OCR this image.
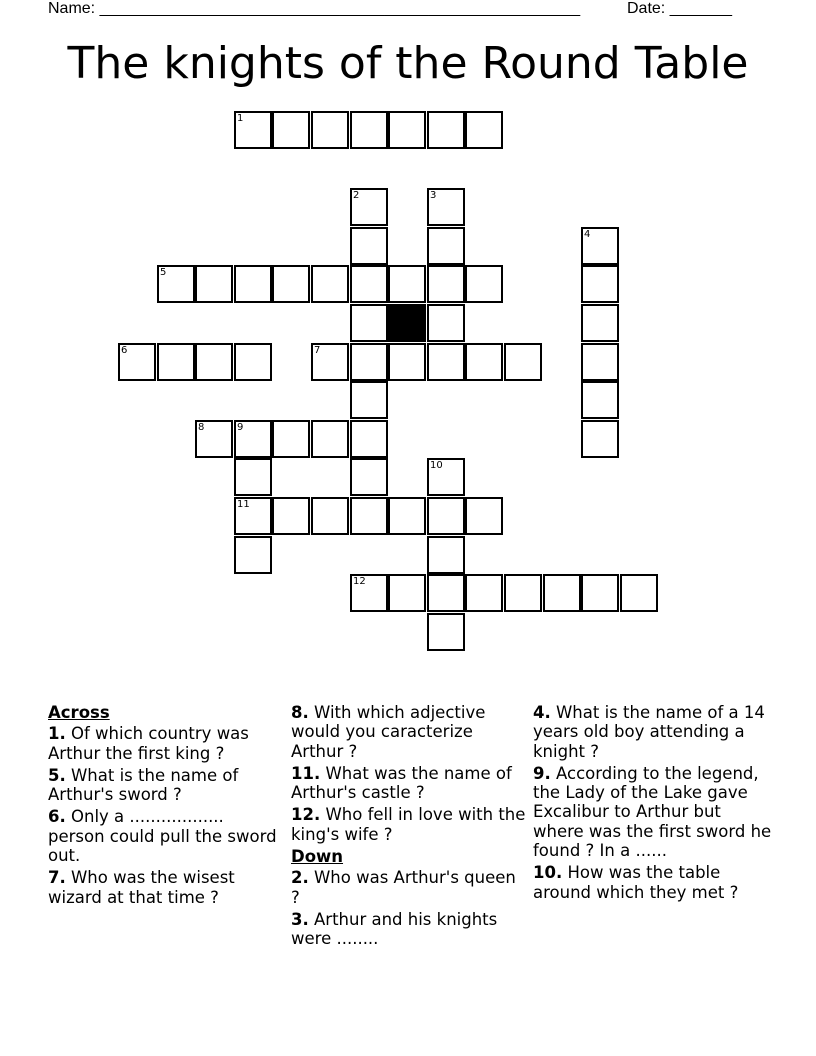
Name: ______________________________________________________	Date: _______
The knights of the Round Table
1
2	3
4
5
6	7
8	9
10
11
12
Across
1. Of which country was Arthur the first king ?
5. What is the name of Arthur's sword ?
6. Only a .................. person could pull the sword out.
7. Who was the wisest wizard at that time ?
8. With which adjective would you caracterize Arthur ?
11. What was the name of Arthur's castle ?
12. Who fell in love with the king's wife ?
Down
2. Who was Arthur's queen ?
3. Arthur and his knights were ........
4. What is the name of a 14 years old boy attending a knight ?
9. According to the legend, the Lady of the Lake gave Excalibur to Arthur but where was the first sword he found ? In a ......
10. How was the table around which they met ?
